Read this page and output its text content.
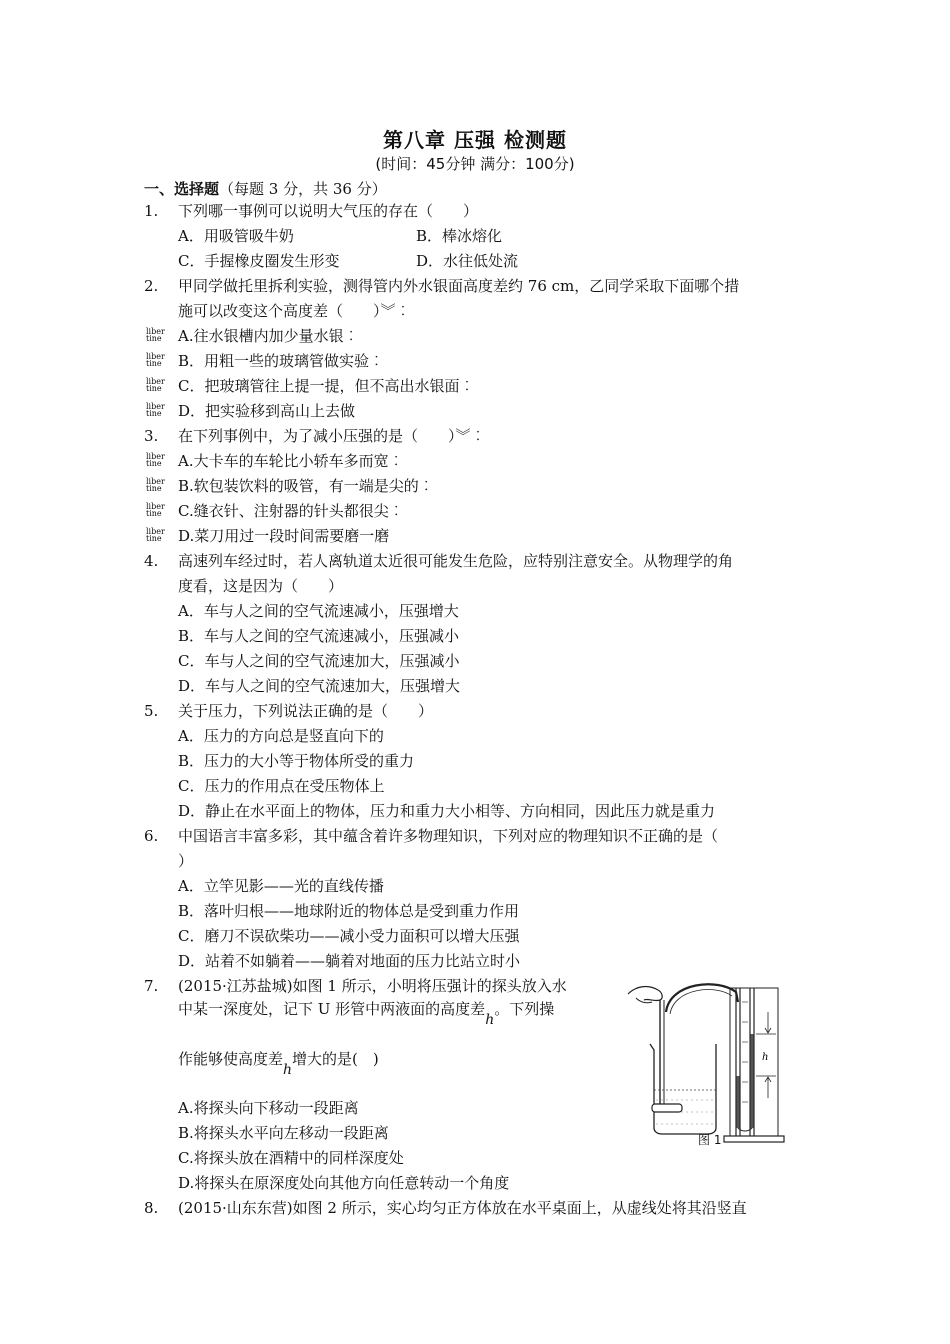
第八章 压强 检测题
(时间：45分钟 满分：100分)
一、选择题（每题 3 分，共 36 分）
1. 下列哪一事例可以说明大气压的存在（　　）
A．用吸管吸牛奶	B．棒冰熔化
C．手握橡皮圈发生形变	D．水往低处流
2. 甲同学做托里拆利实验，测得管内外水银面高度差约 76 cm，乙同学采取下面哪个措
施可以改变这个高度差（　　）︾︰
liber
tine	A.往水银槽内加少量水银︰
liber
tine	B．用粗一些的玻璃管做实验︰
liber
tine	C．把玻璃管往上提一提，但不高出水银面︰
liber
tine	D．把实验移到高山上去做
3. 在下列事例中，为了减小压强的是（　　）︾︰
liber
tine	A.大卡车的车轮比小轿车多而宽︰
liber
tine	B.软包装饮料的吸管，有一端是尖的︰
liber
tine	C.缝衣针、注射器的针头都很尖︰
liber
tine	D.菜刀用过一段时间需要磨一磨
4. 高速列车经过时，若人离轨道太近很可能发生危险，应特别注意安全。从物理学的角
度看，这是因为（　　）
A．车与人之间的空气流速减小，压强增大
B．车与人之间的空气流速减小，压强减小
C．车与人之间的空气流速加大，压强减小
D．车与人之间的空气流速加大，压强增大
5. 关于压力，下列说法正确的是（　　）
A．压力的方向总是竖直向下的
B．压力的大小等于物体所受的重力
C．压力的作用点在受压物体上
D．静止在水平面上的物体，压力和重力大小相等、方向相同，因此压力就是重力
6. 中国语言丰富多彩，其中蕴含着许多物理知识，下列对应的物理知识不正确的是（
）
A．立竿见影——光的直线传播
B．落叶归根——地球附近的物体总是受到重力作用
C．磨刀不误砍柴功——减小受力面积可以增大压强
D．站着不如躺着——躺着对地面的压力比站立时小
7. (2015·江苏盐城)如图 1 所示，小明将压强计的探头放入水
中某一深度处，记下 U 形管中两液面的高度差h。下列操
作能够使高度差h增大的是(　)
A.将探头向下移动一段距离
B.将探头水平向左移动一段距离
C.将探头放在酒精中的同样深度处
D.将探头在原深度处向其他方向任意转动一个角度
h
图 1
8. (2015·山东东营)如图 2 所示，实心均匀正方体放在水平桌面上，从虚线处将其沿竖直
